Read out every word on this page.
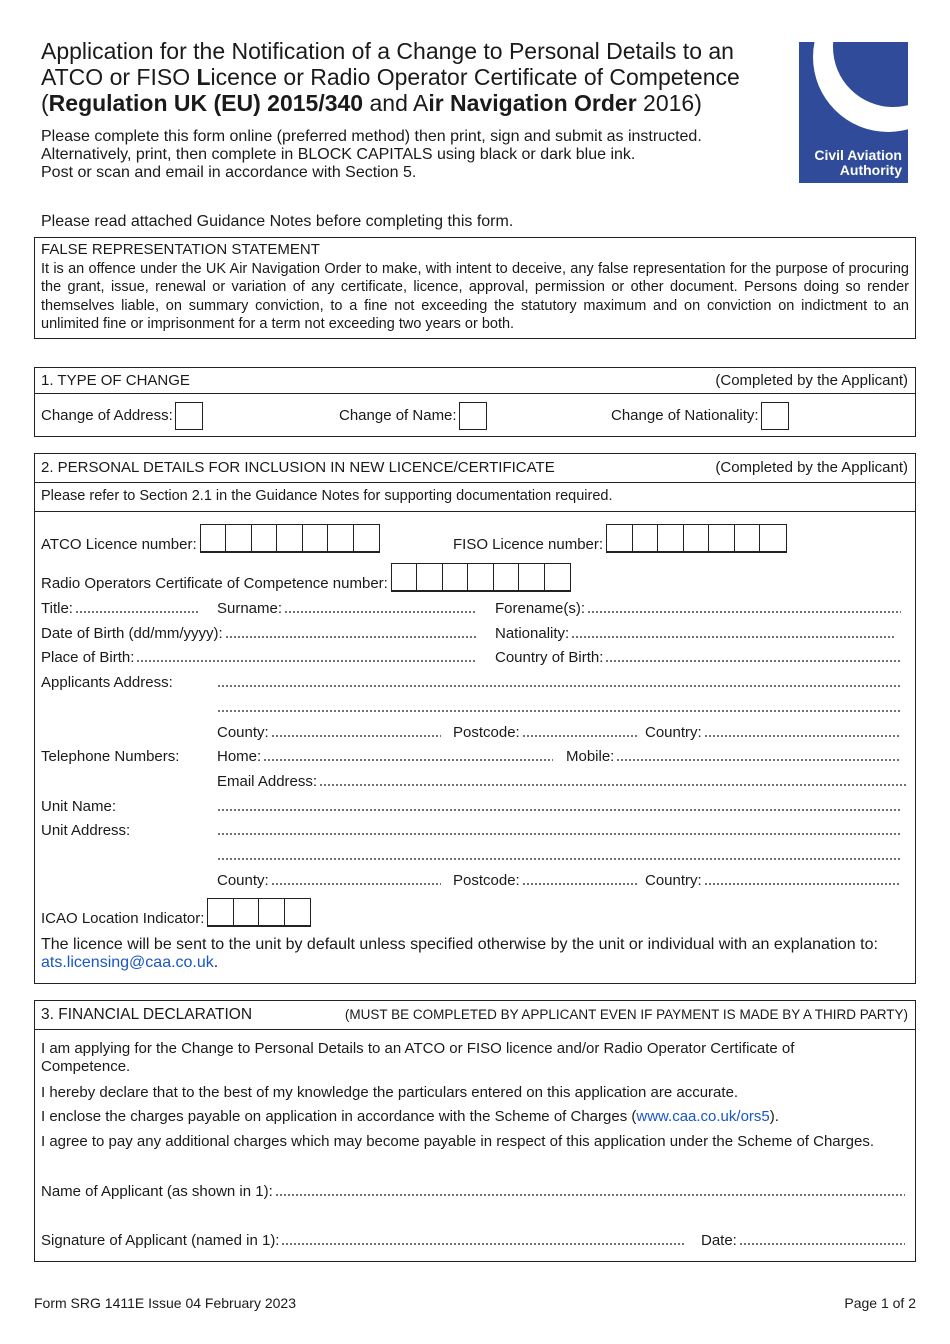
Application for the Notification of a Change to Personal Details to an
ATCO or FISO Licence or Radio Operator Certificate of Competence
(Regulation UK (EU) 2015/340 and Air Navigation Order 2016)
Please complete this form online (preferred method) then print, sign and submit as instructed.
Alternatively, print, then complete in BLOCK CAPITALS using black or dark blue ink.
Post or scan and email in accordance with Section 5.
Civil Aviation
Authority
Please read attached Guidance Notes before completing this form.
FALSE REPRESENTATION STATEMENT
It is an offence under the UK Air Navigation Order to make, with intent to deceive, any false representation for the purpose of procuring the grant, issue, renewal or variation of any certificate, licence, approval, permission or other document. Persons doing so render themselves liable, on summary conviction, to a fine not exceeding the statutory maximum and on conviction on indictment to an unlimited fine or imprisonment for a term not exceeding two years or both.
1. TYPE OF CHANGE	(Completed by the Applicant)
Change of Address:	Change of Name:	Change of Nationality:
2. PERSONAL DETAILS FOR INCLUSION IN NEW LICENCE/CERTIFICATE	(Completed by the Applicant)
Please refer to Section 2.1 in the Guidance Notes for supporting documentation required.
ATCO Licence number:	FISO Licence number:
Radio Operators Certificate of Competence number:
Title:	Surname:	Forename(s):
Date of Birth (dd/mm/yyyy):	Nationality:
Place of Birth:	Country of Birth:
Applicants Address:
County:	Postcode:	Country:
Telephone Numbers:	Home:	Mobile:
Email Address:
Unit Name:
Unit Address:
County:	Postcode:	Country:
ICAO Location Indicator:
The licence will be sent to the unit by default unless specified otherwise by the unit or individual with an explanation to: ats.licensing@caa.co.uk.
3. FINANCIAL DECLARATION	(MUST BE COMPLETED BY APPLICANT EVEN IF PAYMENT IS MADE BY A THIRD PARTY)
I am applying for the Change to Personal Details to an ATCO or FISO licence and/or Radio Operator Certificate of Competence.
I hereby declare that to the best of my knowledge the particulars entered on this application are accurate.
I enclose the charges payable on application in accordance with the Scheme of Charges (www.caa.co.uk/ors5).
I agree to pay any additional charges which may become payable in respect of this application under the Scheme of Charges.
Name of Applicant (as shown in 1):
Signature of Applicant (named in 1):	Date:
Form SRG 1411E Issue 04 February 2023	Page 1 of 2
